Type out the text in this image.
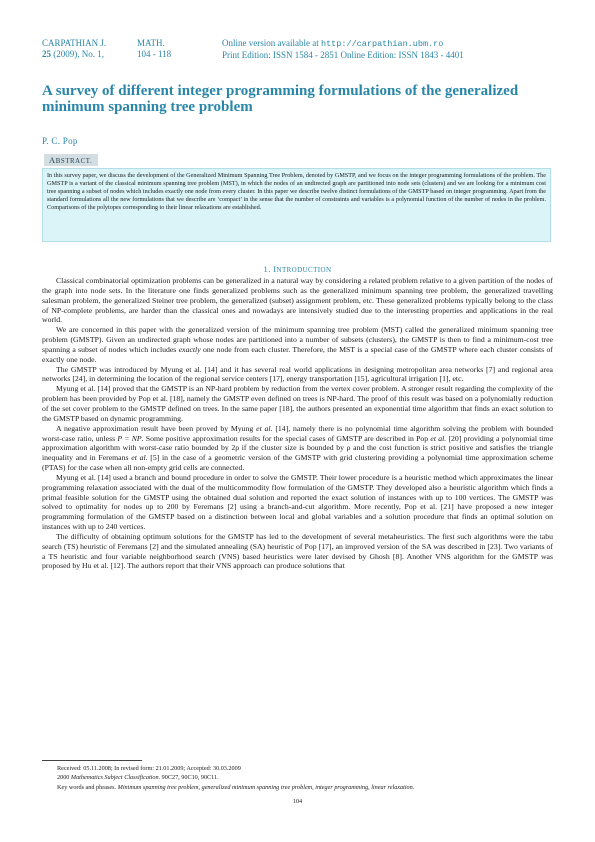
CARPATHIAN J.	MATH.
25 (2009), No. 1,	104 - 118
Online version available at http://carpathian.ubm.ro
Print Edition: ISSN 1584 - 2851 Online Edition: ISSN 1843 - 4401
A survey of different integer programming formulations of the generalized minimum spanning tree problem
P. C. Pop
ABSTRACT.
In this survey paper, we discuss the development of the Generalized Minimum Spanning Tree Problem, denoted by GMSTP, and we focus on the integer programming formulations of the problem. The GMSTP is a variant of the classical minimum spanning tree problem (MST), in which the nodes of an undirected graph are partitioned into node sets (clusters) and we are looking for a minimum cost tree spanning a subset of nodes which includes exactly one node from every cluster. In this paper we describe twelve distinct formulations of the GMSTP based on integer programming. Apart from the standard formulations all the new formulations that we describe are ‘compact’ in the sense that the number of constraints and variables is a polynomial function of the number of nodes in the problem. Comparisons of the polytopes corresponding to their linear relaxations are established.
1. INTRODUCTION

Classical combinatorial optimization problems can be generalized in a natural way by considering a related problem relative to a given partition of the nodes of the graph into node sets. In the literature one finds generalized problems such as the generalized minimum spanning tree problem, the generalized travelling salesman problem, the generalized Steiner tree problem, the generalized (subset) assignment problem, etc. These generalized problems typically belong to the class of NP-complete problems, are harder than the classical ones and nowadays are intensively studied due to the interesting properties and applications in the real world.

We are concerned in this paper with the generalized version of the minimum spanning tree problem (MST) called the generalized minimum spanning tree problem (GMSTP). Given an undirected graph whose nodes are partitioned into a number of subsets (clusters), the GMSTP is then to find a minimum-cost tree spanning a subset of nodes which includes exactly one node from each cluster. Therefore, the MST is a special case of the GMSTP where each cluster consists of exactly one node.

The GMSTP was introduced by Myung et al. [14] and it has several real world applications in designing metropolitan area networks [7] and regional area networks [24], in determining the location of the regional service centers [17], energy transportation [15], agricultural irrigation [1], etc.

Myung et al. [14] proved that the GMSTP is an NP-hard problem by reduction from the vertex cover problem. A stronger result regarding the complexity of the problem has been provided by Pop et al. [18], namely the GMSTP even defined on trees is NP-hard. The proof of this result was based on a polynomially reduction of the set cover problem to the GMSTP defined on trees. In the same paper [18], the authors presented an exponential time algorithm that finds an exact solution to the GMSTP based on dynamic programming.

A negative approximation result have been proved by Myung et al. [14], namely there is no polynomial time algorithm solving the problem with bounded worst-case ratio, unless P = NP. Some positive approximation results for the special cases of GMSTP are described in Pop et al. [20] providing a polynomial time approximation algorithm with worst-case ratio bounded by 2ρ if the cluster size is bounded by ρ and the cost function is strict positive and satisfies the triangle inequality and in Feremans et al. [5] in the case of a geometric version of the GMSTP with grid clustering providing a polynomial time approximation scheme (PTAS) for the case when all non-empty grid cells are connected.

Myung et al. [14] used a branch and bound procedure in order to solve the GMSTP. Their lower procedure is a heuristic method which approximates the linear programming relaxation associated with the dual of the multicommodity flow formulation of the GMSTP. They developed also a heuristic algorithm which finds a primal feasible solution for the GMSTP using the obtained dual solution and reported the exact solution of instances with up to 100 vertices. The GMSTP was solved to optimality for nodes up to 200 by Feremans [2] using a branch-and-cut algorithm. More recently, Pop et al. [21] have proposed a new integer programming formulation of the GMSTP based on a distinction between local and global variables and a solution procedure that finds an optimal solution on instances with up to 240 vertices.

The difficulty of obtaining optimum solutions for the GMSTP has led to the development of several metaheuristics. The first such algorithms were the tabu search (TS) heuristic of Feremans [2] and the simulated annealing (SA) heuristic of Pop [17], an improved version of the SA was described in [23]. Two variants of a TS heuristic and four variable neighborhood search (VNS) based heuristics were later devised by Ghosh [8]. Another VNS algorithm for the GMSTP was proposed by Hu et al. [12]. The authors report that their VNS approach can produce solutions that

Received: 05.11.2008; In revised form: 21.01.2009; Accepted: 30.03.2009
2000 Mathematics Subject Classification. 90C27, 90C10, 90C11.
Key words and phrases. Minimum spanning tree problem, generalized minimum spanning tree problem, integer programming, linear relaxation.
104
